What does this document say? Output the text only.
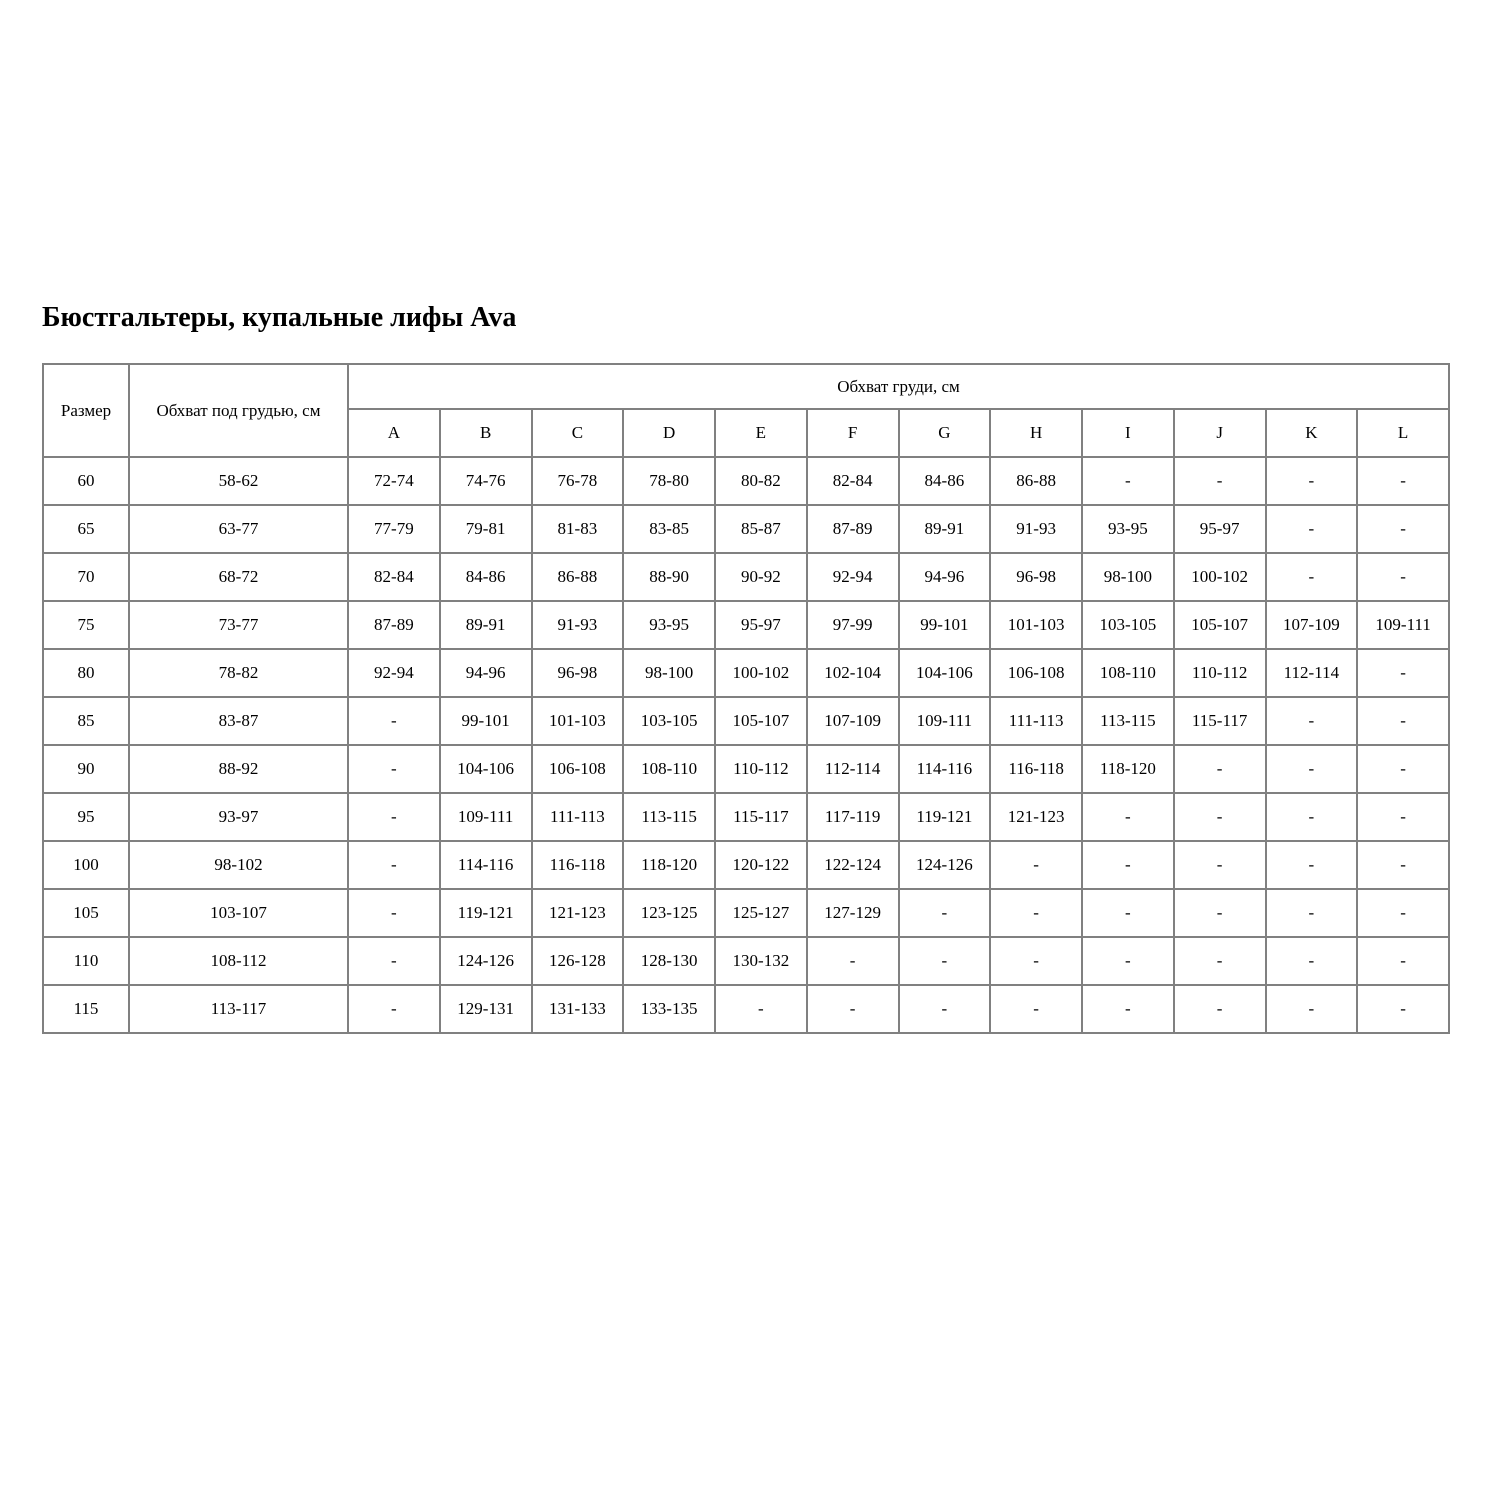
Бюстгальтеры, купальные лифы Ava
Размер	Обхват под грудью, см	Обхват груди, см											
		A	B	C	D	E	F	G	H	I	J	K	L
60	58-62	72-74	74-76	76-78	78-80	80-82	82-84	84-86	86-88	-	-	-	-
65	63-77	77-79	79-81	81-83	83-85	85-87	87-89	89-91	91-93	93-95	95-97	-	-
70	68-72	82-84	84-86	86-88	88-90	90-92	92-94	94-96	96-98	98-100	100-102	-	-
75	73-77	87-89	89-91	91-93	93-95	95-97	97-99	99-101	101-103	103-105	105-107	107-109	109-111
80	78-82	92-94	94-96	96-98	98-100	100-102	102-104	104-106	106-108	108-110	110-112	112-114	-
85	83-87	-	99-101	101-103	103-105	105-107	107-109	109-111	111-113	113-115	115-117	-	-
90	88-92	-	104-106	106-108	108-110	110-112	112-114	114-116	116-118	118-120	-	-	-
95	93-97	-	109-111	111-113	113-115	115-117	117-119	119-121	121-123	-	-	-	-
100	98-102	-	114-116	116-118	118-120	120-122	122-124	124-126	-	-	-	-	-
105	103-107	-	119-121	121-123	123-125	125-127	127-129	-	-	-	-	-	-
110	108-112	-	124-126	126-128	128-130	130-132	-	-	-	-	-	-	-
115	113-117	-	129-131	131-133	133-135	-	-	-	-	-	-	-	-
